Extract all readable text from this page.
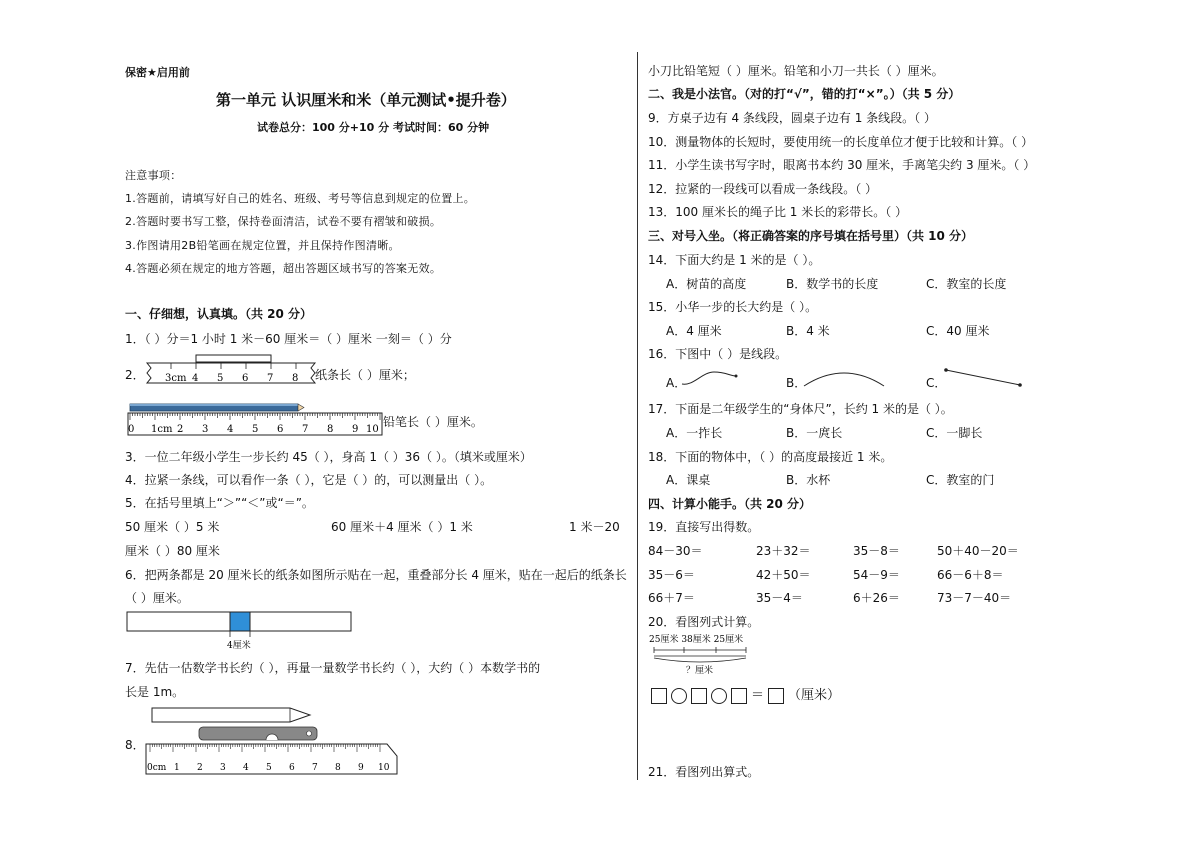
保密★启用前
第一单元 认识厘米和米（单元测试•提升卷）
试卷总分：100 分+10 分 考试时间：60 分钟
注意事项：
1.答题前，请填写好自己的姓名、班级、考号等信息到规定的位置上。
2.答题时要书写工整，保持卷面清洁，试卷不要有褶皱和破损。
3.作图请用2B铅笔画在规定位置，并且保持作图清晰。
4.答题必须在规定的地方答题，超出答题区域书写的答案无效。
一、仔细想，认真填。（共 20 分）
1．（ ）分＝1 小时 1 米－60 厘米＝（ ）厘米 一刻＝（ ）分
2． 3cm 4 5 6 7 8 纸条长（ ）厘米；
0 1cm 2 3 4 5 6 7 8 9 10
铅笔长（ ）厘米。
3．一位二年级小学生一步长约 45（ ），身高 1（ ）36（ ）。（填米或厘米）
4．拉紧一条线，可以看作一条（ ），它是（ ）的，可以测量出（ ）。
5．在括号里填上“＞”“＜”或“＝”。
50 厘米（ ）5 米	60 厘米＋4 厘米（ ）1 米	1 米－20
厘米（ ）80 厘米
6．把两条都是 20 厘米长的纸条如图所示贴在一起，重叠部分长 4 厘米，贴在一起后的纸条长
（ ）厘米。
4厘米
7．先估一估数学书长约（ ），再量一量数学书长约（ ），大约（ ）本数学书的
长是 1m。
8．
0cm 1 2 3 4 5 6 7 8 9 10
小刀比铅笔短（ ）厘米。铅笔和小刀一共长（ ）厘米。
二、我是小法官。（对的打“√”，错的打“×”。）（共 5 分）
9．方桌子边有 4 条线段，圆桌子边有 1 条线段。（ ）
10．测量物体的长短时，要使用统一的长度单位才便于比较和计算。（ ）
11．小学生读书写字时，眼离书本约 30 厘米，手离笔尖约 3 厘米。（ ）
12．拉紧的一段线可以看成一条线段。（ ）
13．100 厘米长的绳子比 1 米长的彩带长。（ ）
三、对号入坐。（将正确答案的序号填在括号里）（共 10 分）
14．下面大约是 1 米的是（ ）。
A．树苗的高度	B．数学书的长度	C．教室的长度
15．小华一步的长大约是（ ）。
A．4 厘米	B．4 米	C．40 厘米
16．下图中（ ）是线段。
A．	B．	C．
17．下面是二年级学生的“身体尺”，长约 1 米的是（ ）。
A．一拃长	B．一庹长	C．一脚长
18．下面的物体中，（ ）的高度最接近 1 米。
A．课桌	B．水杯	C．教室的门
四、计算小能手。（共 20 分）
19．直接写出得数。
84－30＝	23＋32＝	35－8＝	50＋40－20＝
35－6＝	42＋50＝	54－9＝	66－6＋8＝
66＋7＝	35－4＝	6＋26＝	73－7－40＝
20．看图列式计算。
25厘米 38厘米 25厘米
？厘米
＝ （厘米）
21．看图列出算式。
